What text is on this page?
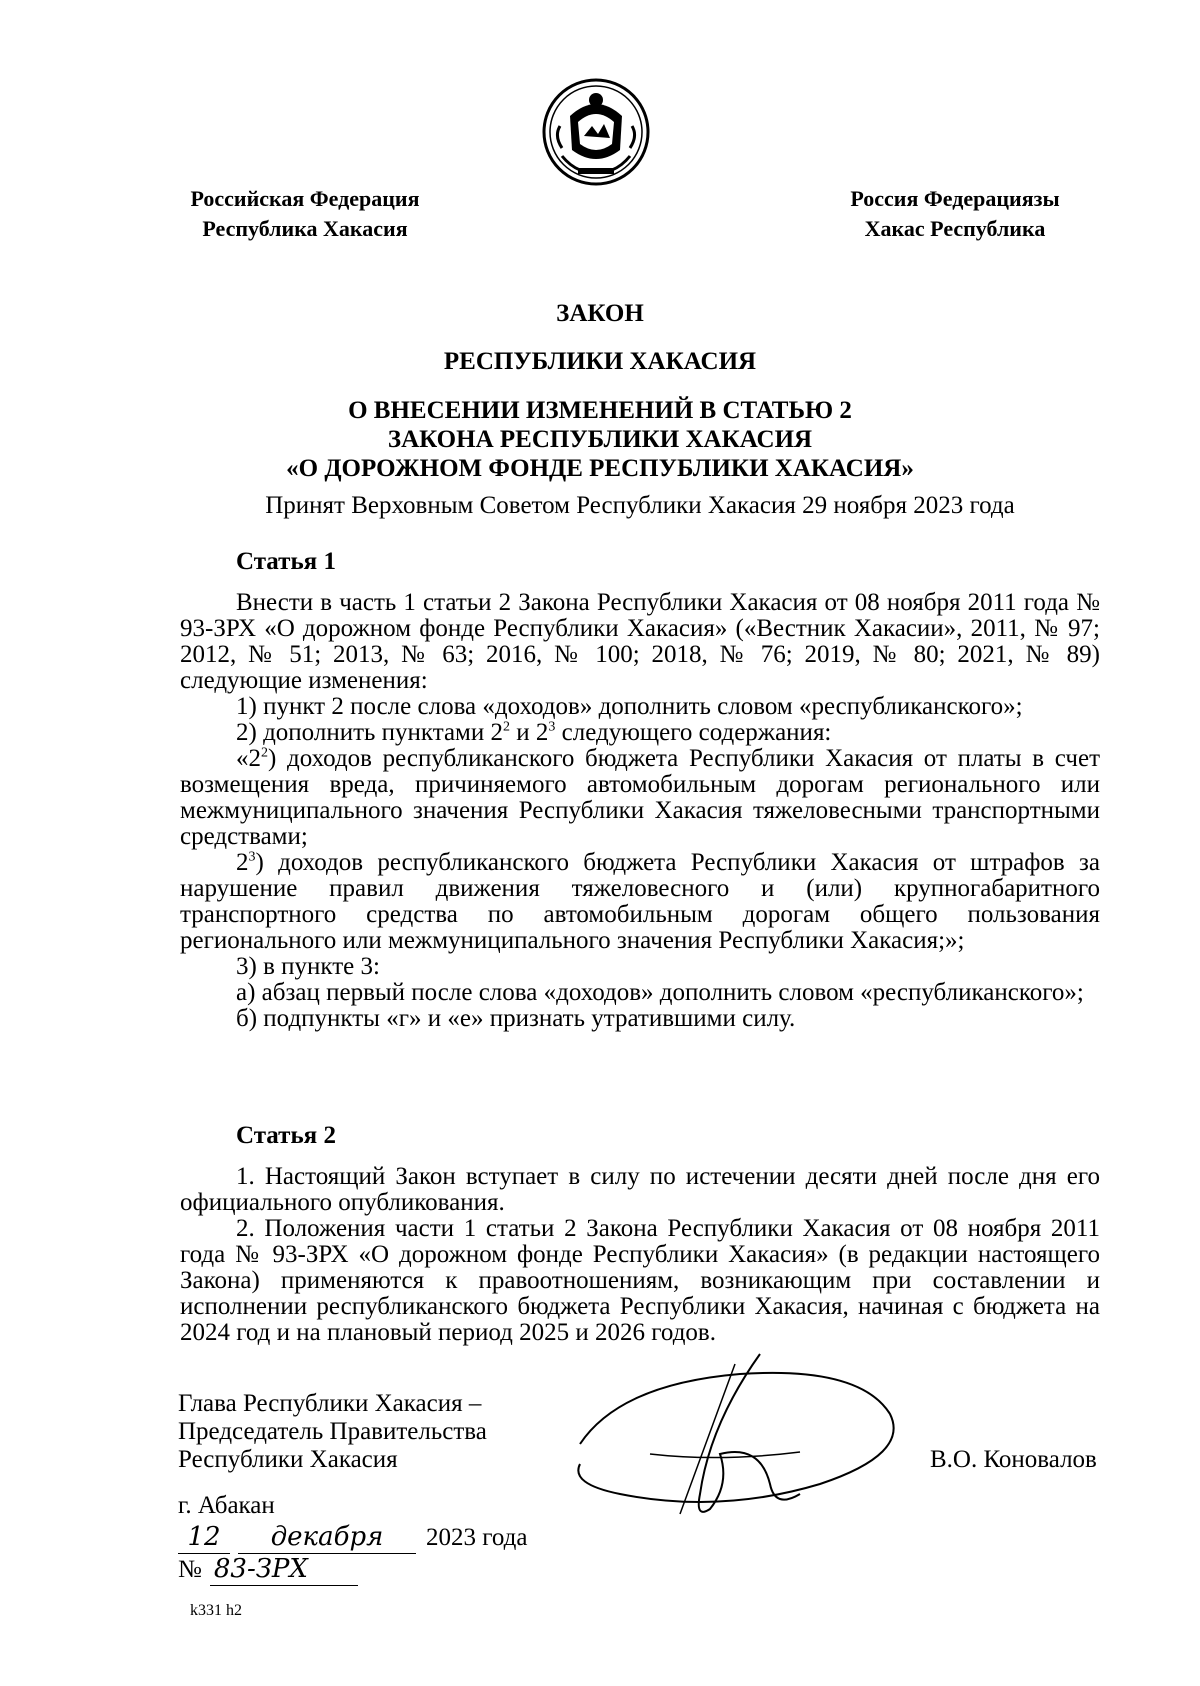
Российская Федерация
Республика Хакасия
Россия Федерациязы
Хакас Республика
ЗАКОН
РЕСПУБЛИКИ ХАКАСИЯ
О ВНЕСЕНИИ ИЗМЕНЕНИЙ В СТАТЬЮ 2
ЗАКОНА РЕСПУБЛИКИ ХАКАСИЯ
«О ДОРОЖНОМ ФОНДЕ РЕСПУБЛИКИ ХАКАСИЯ»
Принят Верховным Советом Республики Хакасия 29 ноября 2023 года
Статья 1

Внести в часть 1 статьи 2 Закона Республики Хакасия от 08 ноября 2011 года № 93-ЗРХ «О дорожном фонде Республики Хакасия» («Вестник Хакасии», 2011, № 97; 2012, № 51; 2013, № 63; 2016, № 100; 2018, № 76; 2019, № 80; 2021, № 89) следующие изменения:

1) пункт 2 после слова «доходов» дополнить словом «республиканского»;

2) дополнить пунктами $2^2$ и $2^3$ следующего содержания:

«$2^2$) доходов республиканского бюджета Республики Хакасия от платы в счет возмещения вреда, причиняемого автомобильным дорогам регионального или межмуниципального значения Республики Хакасия тяжеловесными транспортными средствами;

$2^3$) доходов республиканского бюджета Республики Хакасия от штрафов за нарушение правил движения тяжеловесного и (или) крупногабаритного транспортного средства по автомобильным дорогам общего пользования регионального или межмуниципального значения Республики Хакасия;»;

3) в пункте 3:

а) абзац первый после слова «доходов» дополнить словом «республиканского»;

б) подпункты «г» и «е» признать утратившими силу.

Статья 2

1. Настоящий Закон вступает в силу по истечении десяти дней после дня его официального опубликования.

2. Положения части 1 статьи 2 Закона Республики Хакасия от 08 ноября 2011 года № 93-ЗРХ «О дорожном фонде Республики Хакасия» (в редакции настоящего Закона) применяются к правоотношениям, возникающим при составлении и исполнении республиканского бюджета Республики Хакасия, начиная с бюджета на 2024 год и на плановый период 2025 и 2026 годов.

Глава Республики Хакасия –
Председатель Правительства
Республики Хакасия	В.О. Коновалов
г. Абакан
12	декабря	2023 года
№ 83-ЗРХ
k331 h2
